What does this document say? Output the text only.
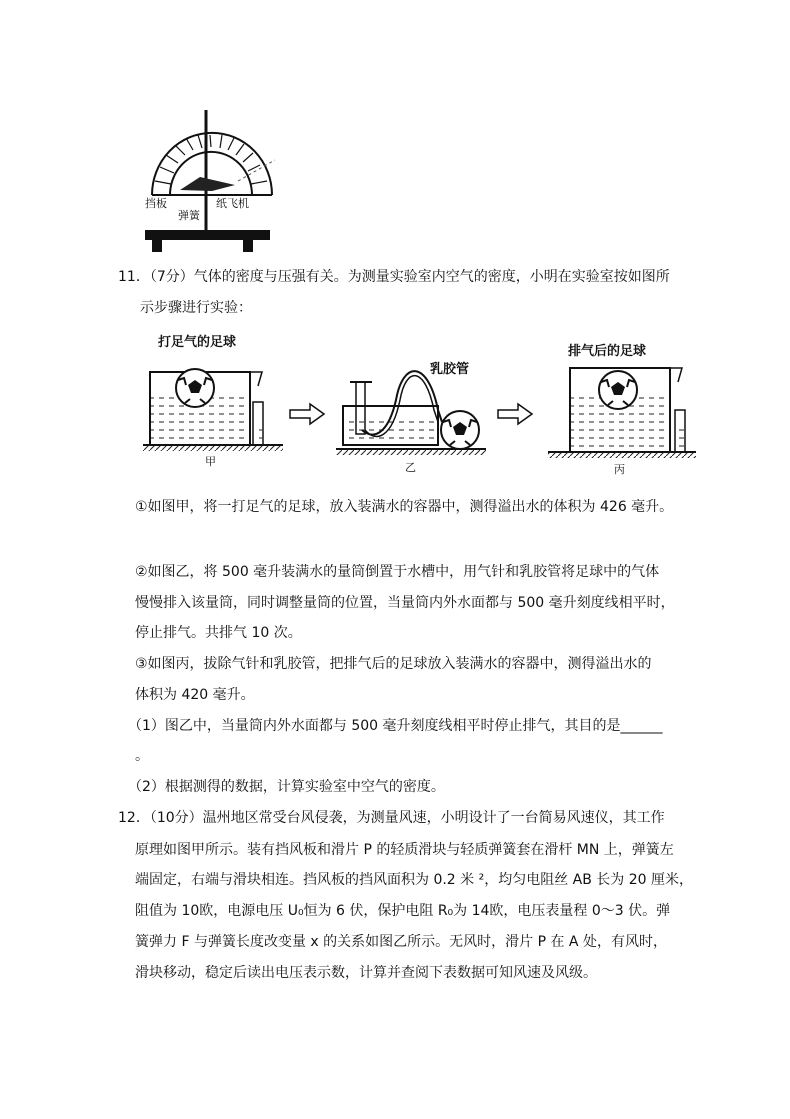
挡板
弹簧
纸飞机
11．（7分）气体的密度与压强有关。为测量实验室内空气的密度，小明在实验室按如图所
示步骤进行实验：
打足气的足球
乳胶管
排气后的足球
甲	乙	丙
①如图甲，将一打足气的足球，放入装满水的容器中，测得溢出水的体积为 426 毫升。
②如图乙，将 500 毫升装满水的量筒倒置于水槽中，用气针和乳胶管将足球中的气体
慢慢排入该量筒，同时调整量筒的位置，当量筒内外水面都与 500 毫升刻度线相平时，
停止排气。共排气 10 次。
③如图丙，拔除气针和乳胶管，把排气后的足球放入装满水的容器中，测得溢出水的
体积为 420 毫升。
（1）图乙中，当量筒内外水面都与 500 毫升刻度线相平时停止排气，其目的是______
。
（2）根据测得的数据，计算实验室中空气的密度。
12．（10分）温州地区常受台风侵袭，为测量风速，小明设计了一台简易风速仪，其工作
原理如图甲所示。装有挡风板和滑片 P 的轻质滑块与轻质弹簧套在滑杆 MN 上，弹簧左
端固定，右端与滑块相连。挡风板的挡风面积为 0.2 米 ²，均匀电阻丝 AB 长为 20 厘米，
阻值为 10欧，电源电压 U₀恒为 6 伏，保护电阻 R₀为 14欧，电压表量程 0～3 伏。弹
簧弹力 F 与弹簧长度改变量 x 的关系如图乙所示。无风时，滑片 P 在 A 处，有风时，
滑块移动，稳定后读出电压表示数，计算并查阅下表数据可知风速及风级。
